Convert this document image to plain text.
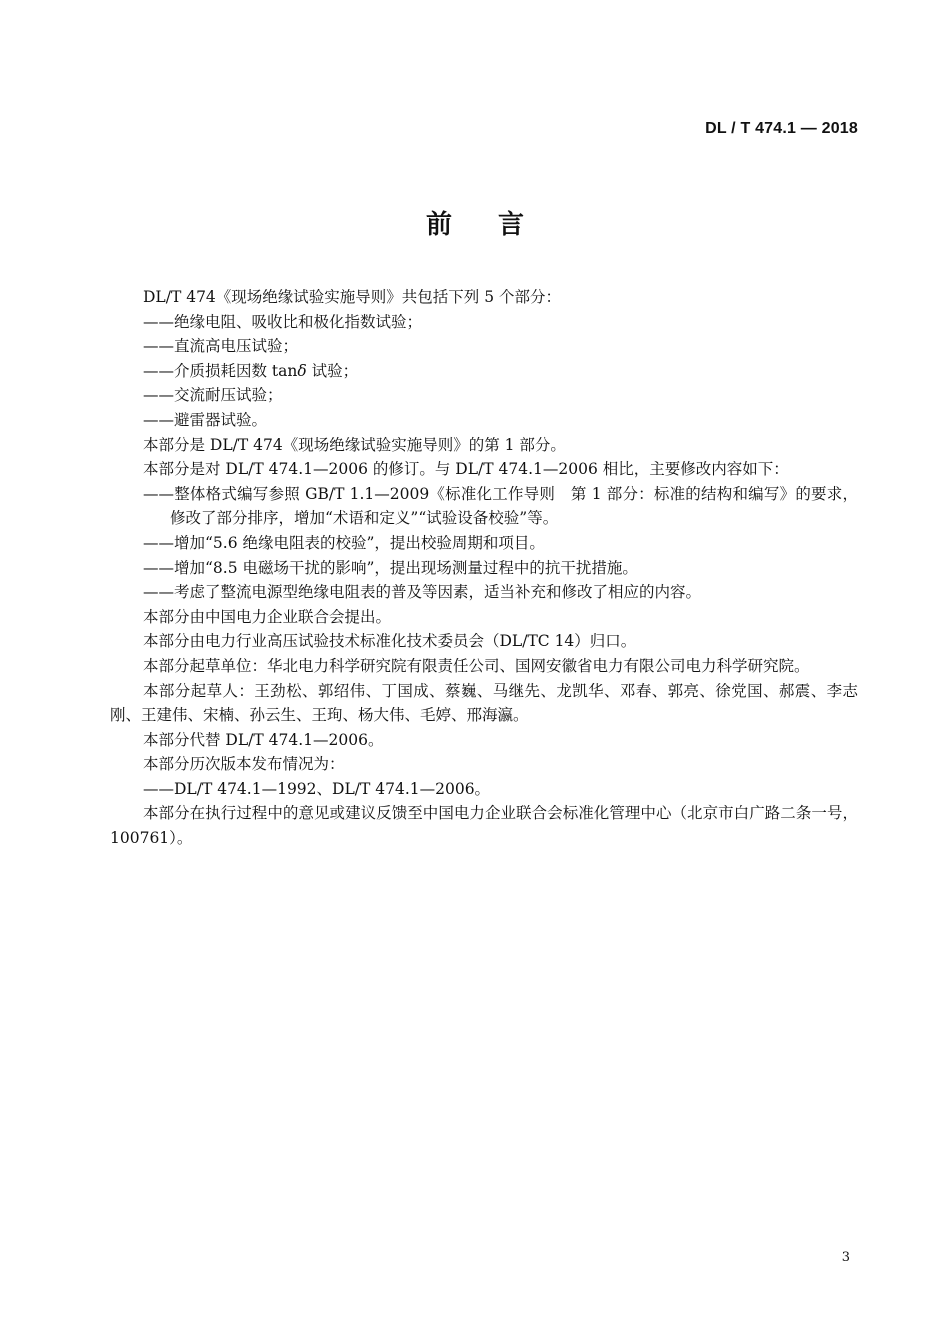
DL / T 474.1 — 2018
前言

DL/T 474《现场绝缘试验实施导则》共包括下列 5 个部分：

——绝缘电阻、吸收比和极化指数试验；

——直流高电压试验；

——介质损耗因数 tanδ 试验；

——交流耐压试验；

——避雷器试验。

本部分是 DL/T 474《现场绝缘试验实施导则》的第 1 部分。

本部分是对 DL/T 474.1—2006 的修订。与 DL/T 474.1—2006 相比，主要修改内容如下：

——整体格式编写参照 GB/T 1.1—2009《标准化工作导则　第 1 部分：标准的结构和编写》的要求，修改了部分排序，增加“术语和定义”“试验设备校验”等。

——增加“5.6 绝缘电阻表的校验”，提出校验周期和项目。

——增加“8.5 电磁场干扰的影响”，提出现场测量过程中的抗干扰措施。

——考虑了整流电源型绝缘电阻表的普及等因素，适当补充和修改了相应的内容。

本部分由中国电力企业联合会提出。

本部分由电力行业高压试验技术标准化技术委员会（DL/TC 14）归口。

本部分起草单位：华北电力科学研究院有限责任公司、国网安徽省电力有限公司电力科学研究院。

本部分起草人：王劲松、郭绍伟、丁国成、蔡巍、马继先、龙凯华、邓春、郭亮、徐党国、郝震、李志刚、王建伟、宋楠、孙云生、王珣、杨大伟、毛婷、邢海瀛。

本部分代替 DL/T 474.1—2006。

本部分历次版本发布情况为：

——DL/T 474.1—1992、DL/T 474.1—2006。

本部分在执行过程中的意见或建议反馈至中国电力企业联合会标准化管理中心（北京市白广路二条一号，100761）。

3
